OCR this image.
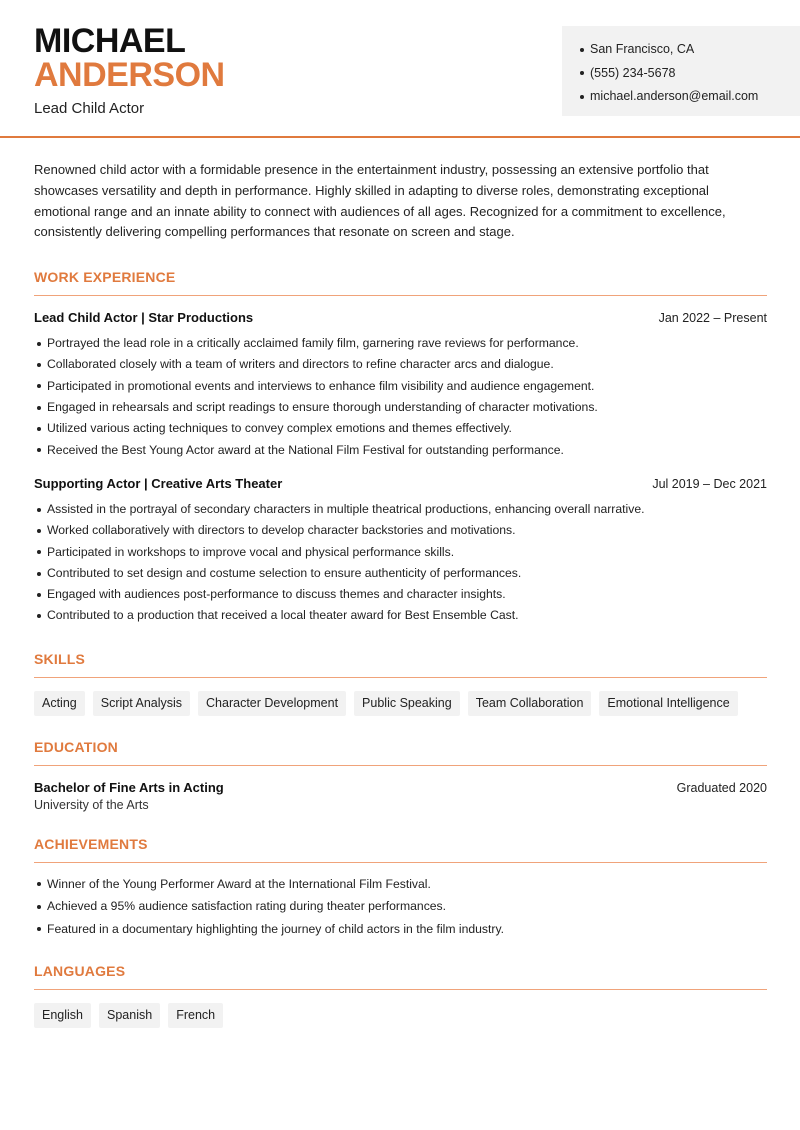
MICHAEL
ANDERSON
Lead Child Actor
San Francisco, CA
(555) 234-5678
michael.anderson@email.com

Renowned child actor with a formidable presence in the entertainment industry, possessing an extensive portfolio that showcases versatility and depth in performance. Highly skilled in adapting to diverse roles, demonstrating exceptional emotional range and an innate ability to connect with audiences of all ages. Recognized for a commitment to excellence, consistently delivering compelling performances that resonate on screen and stage.

WORK EXPERIENCE
Lead Child Actor | Star Productions	Jan 2022 – Present
Portrayed the lead role in a critically acclaimed family film, garnering rave reviews for performance.
Collaborated closely with a team of writers and directors to refine character arcs and dialogue.
Participated in promotional events and interviews to enhance film visibility and audience engagement.
Engaged in rehearsals and script readings to ensure thorough understanding of character motivations.
Utilized various acting techniques to convey complex emotions and themes effectively.
Received the Best Young Actor award at the National Film Festival for outstanding performance.
Supporting Actor | Creative Arts Theater	Jul 2019 – Dec 2021
Assisted in the portrayal of secondary characters in multiple theatrical productions, enhancing overall narrative.
Worked collaboratively with directors to develop character backstories and motivations.
Participated in workshops to improve vocal and physical performance skills.
Contributed to set design and costume selection to ensure authenticity of performances.
Engaged with audiences post-performance to discuss themes and character insights.
Contributed to a production that received a local theater award for Best Ensemble Cast.
SKILLS
Acting	Script Analysis	Character Development	Public Speaking	Team Collaboration	Emotional Intelligence
EDUCATION
Bachelor of Fine Arts in Acting	Graduated 2020
University of the Arts
ACHIEVEMENTS
Winner of the Young Performer Award at the International Film Festival.
Achieved a 95% audience satisfaction rating during theater performances.
Featured in a documentary highlighting the journey of child actors in the film industry.
LANGUAGES
English	Spanish	French
